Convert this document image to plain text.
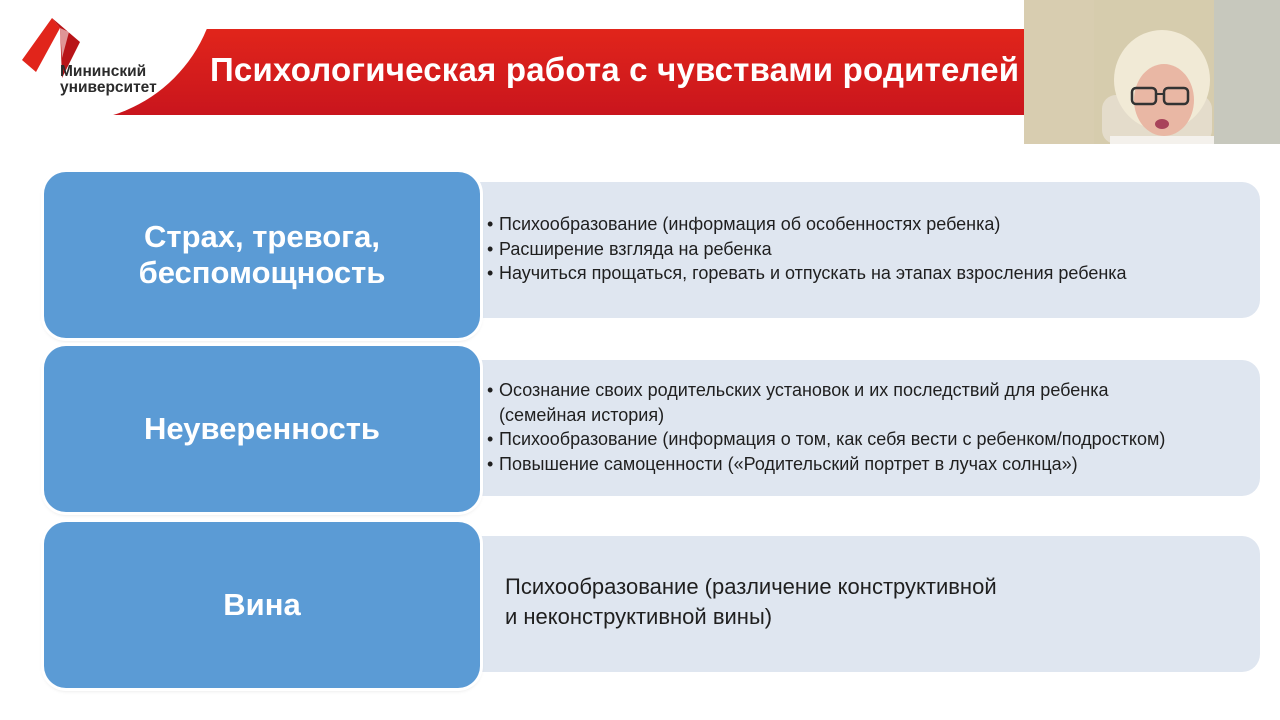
Психологическая работа с чувствами родителей
Мининский
университет
Страх, тревога, беспомощность
• Психообразование (информация об особенностях ребенка)
• Расширение взгляда на ребенка
• Научиться прощаться, горевать и отпускать на этапах взросления ребенка
Неуверенность
• Осознание своих родительских установок и их последствий для ребенка (семейная история)
• Психообразование (информация о том, как себя вести с ребенком/подростком)
• Повышение самоценности («Родительский портрет в лучах солнца»)
Вина
Психообразование (различение конструктивной
и неконструктивной вины)
